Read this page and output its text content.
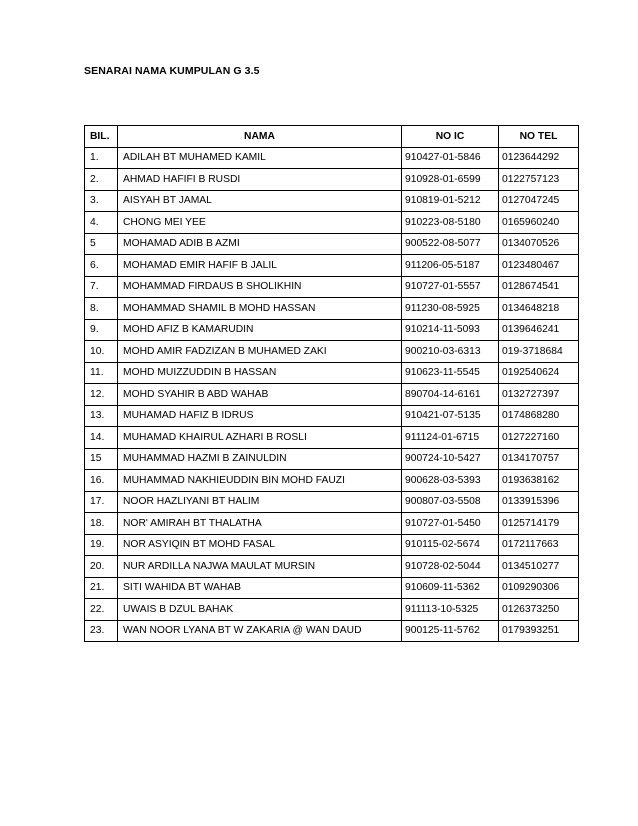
SENARAI NAMA KUMPULAN G 3.5
BIL.	NAMA	NO IC	NO TEL
1.	ADILAH BT MUHAMED KAMIL	910427-01-5846	0123644292
2.	AHMAD HAFIFI B RUSDI	910928-01-6599	0122757123
3.	AISYAH BT JAMAL	910819-01-5212	0127047245
4.	CHONG MEI YEE	910223-08-5180	0165960240
5	MOHAMAD ADIB B AZMI	900522-08-5077	0134070526
6.	MOHAMAD EMIR HAFIF B JALIL	911206-05-5187	0123480467
7.	MOHAMMAD FIRDAUS B SHOLIKHIN	910727-01-5557	0128674541
8.	MOHAMMAD SHAMIL B MOHD HASSAN	911230-08-5925	0134648218
9.	MOHD AFIZ B KAMARUDIN	910214-11-5093	0139646241
10.	MOHD AMIR FADZIZAN B MUHAMED ZAKI	900210-03-6313	019-3718684
11.	MOHD MUIZZUDDIN B HASSAN	910623-11-5545	0192540624
12.	MOHD SYAHIR B ABD WAHAB	890704-14-6161	0132727397
13.	MUHAMAD HAFIZ B IDRUS	910421-07-5135	0174868280
14.	MUHAMAD KHAIRUL AZHARI B ROSLI	911124-01-6715	0127227160
15	MUHAMMAD HAZMI B ZAINULDIN	900724-10-5427	0134170757
16.	MUHAMMAD NAKHIEUDDIN BIN MOHD FAUZI	900628-03-5393	0193638162
17.	NOOR HAZLIYANI BT HALIM	900807-03-5508	0133915396
18.	NOR' AMIRAH BT THALATHA	910727-01-5450	0125714179
19.	NOR ASYIQIN BT MOHD FASAL	910115-02-5674	0172117663
20.	NUR ARDILLA NAJWA MAULAT MURSIN	910728-02-5044	0134510277
21.	SITI WAHIDA BT WAHAB	910609-11-5362	0109290306
22.	UWAIS B DZUL BAHAK	911113-10-5325	0126373250
23.	WAN NOOR LYANA BT W ZAKARIA @ WAN DAUD	900125-11-5762	0179393251
